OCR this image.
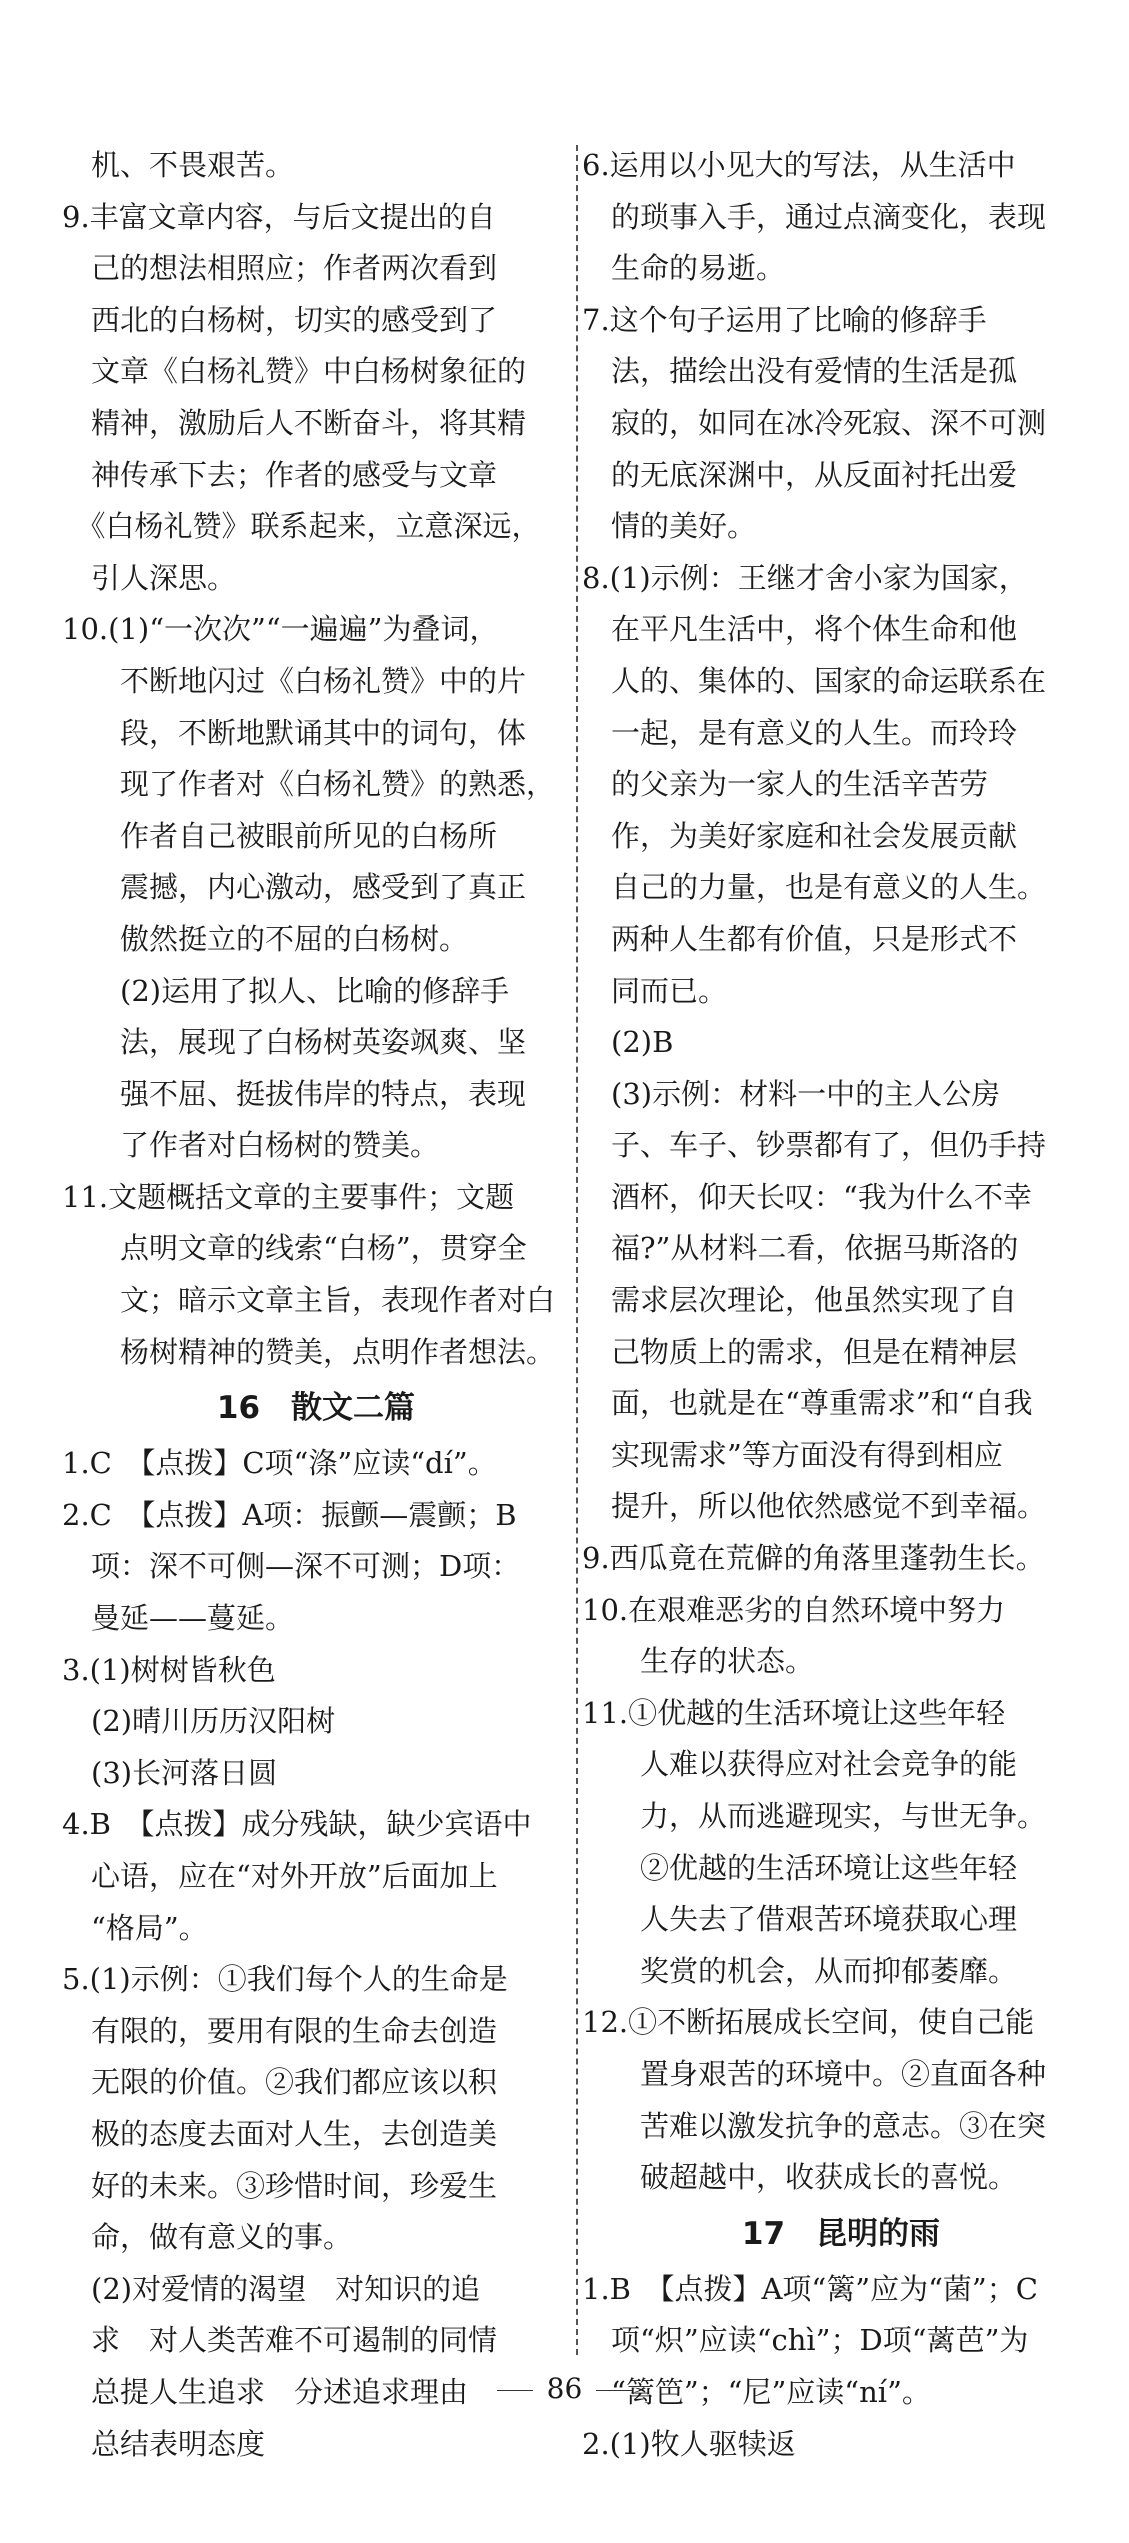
　机、不畏艰苦。

9.丰富文章内容，与后文提出的自

　己的想法相照应；作者两次看到

　西北的白杨树，切实的感受到了

　文章《白杨礼赞》中白杨树象征的

　精神，激励后人不断奋斗，将其精

　神传承下去；作者的感受与文章

　《白杨礼赞》联系起来，立意深远，

　引人深思。

10.(1)“一次次”“一遍遍”为叠词，

　　不断地闪过《白杨礼赞》中的片

　　段，不断地默诵其中的词句，体

　　现了作者对《白杨礼赞》的熟悉，

　　作者自己被眼前所见的白杨所

　　震撼，内心激动，感受到了真正

　　傲然挺立的不屈的白杨树。

　　(2)运用了拟人、比喻的修辞手

　　法，展现了白杨树英姿飒爽、坚

　　强不屈、挺拔伟岸的特点，表现

　　了作者对白杨树的赞美。

11.文题概括文章的主要事件；文题

　　点明文章的线索“白杨”，贯穿全

　　文；暗示文章主旨，表现作者对白

　　杨树精神的赞美，点明作者想法。

16　散文二篇

1.C　【点拨】C项“涤”应读“dí”。

2.C　【点拨】A项：振颤—震颤；B

　项：深不可侧—深不可测；D项：

　曼延——蔓延。

3.(1)树树皆秋色

　(2)晴川历历汉阳树

　(3)长河落日圆

4.B　【点拨】成分残缺，缺少宾语中

　心语，应在“对外开放”后面加上

　“格局”。

5.(1)示例：①我们每个人的生命是

　有限的，要用有限的生命去创造

　无限的价值。②我们都应该以积

　极的态度去面对人生，去创造美

　好的未来。③珍惜时间，珍爱生

　命，做有意义的事。

　(2)对爱情的渴望　对知识的追

　求　对人类苦难不可遏制的同情

　总提人生追求　分述追求理由

　总结表明态度

6.运用以小见大的写法，从生活中

　的琐事入手，通过点滴变化，表现

　生命的易逝。

7.这个句子运用了比喻的修辞手

　法，描绘出没有爱情的生活是孤

　寂的，如同在冰冷死寂、深不可测

　的无底深渊中，从反面衬托出爱

　情的美好。

8.(1)示例：王继才舍小家为国家，

　在平凡生活中，将个体生命和他

　人的、集体的、国家的命运联系在

　一起，是有意义的人生。而玲玲

　的父亲为一家人的生活辛苦劳

　作，为美好家庭和社会发展贡献

　自己的力量，也是有意义的人生。

　两种人生都有价值，只是形式不

　同而已。

　(2)B

　(3)示例：材料一中的主人公房

　子、车子、钞票都有了，但仍手持

　酒杯，仰天长叹：“我为什么不幸

　福?”从材料二看，依据马斯洛的

　需求层次理论，他虽然实现了自

　己物质上的需求，但是在精神层

　面，也就是在“尊重需求”和“自我

　实现需求”等方面没有得到相应

　提升，所以他依然感觉不到幸福。

9.西瓜竟在荒僻的角落里蓬勃生长。

10.在艰难恶劣的自然环境中努力

　　生存的状态。

11.①优越的生活环境让这些年轻

　　人难以获得应对社会竞争的能

　　力，从而逃避现实，与世无争。

　　②优越的生活环境让这些年轻

　　人失去了借艰苦环境获取心理

　　奖赏的机会，从而抑郁萎靡。

12.①不断拓展成长空间，使自己能

　　置身艰苦的环境中。②直面各种

　　苦难以激发抗争的意志。③在突

　　破超越中，收获成长的喜悦。

17　昆明的雨

1.B　【点拨】A项“篱”应为“菌”；C

　项“炽”应读“chì”；D项“蓠芭”为

　“篱笆”；“尼”应读“ní”。

2.(1)牧人驱犊返

86
